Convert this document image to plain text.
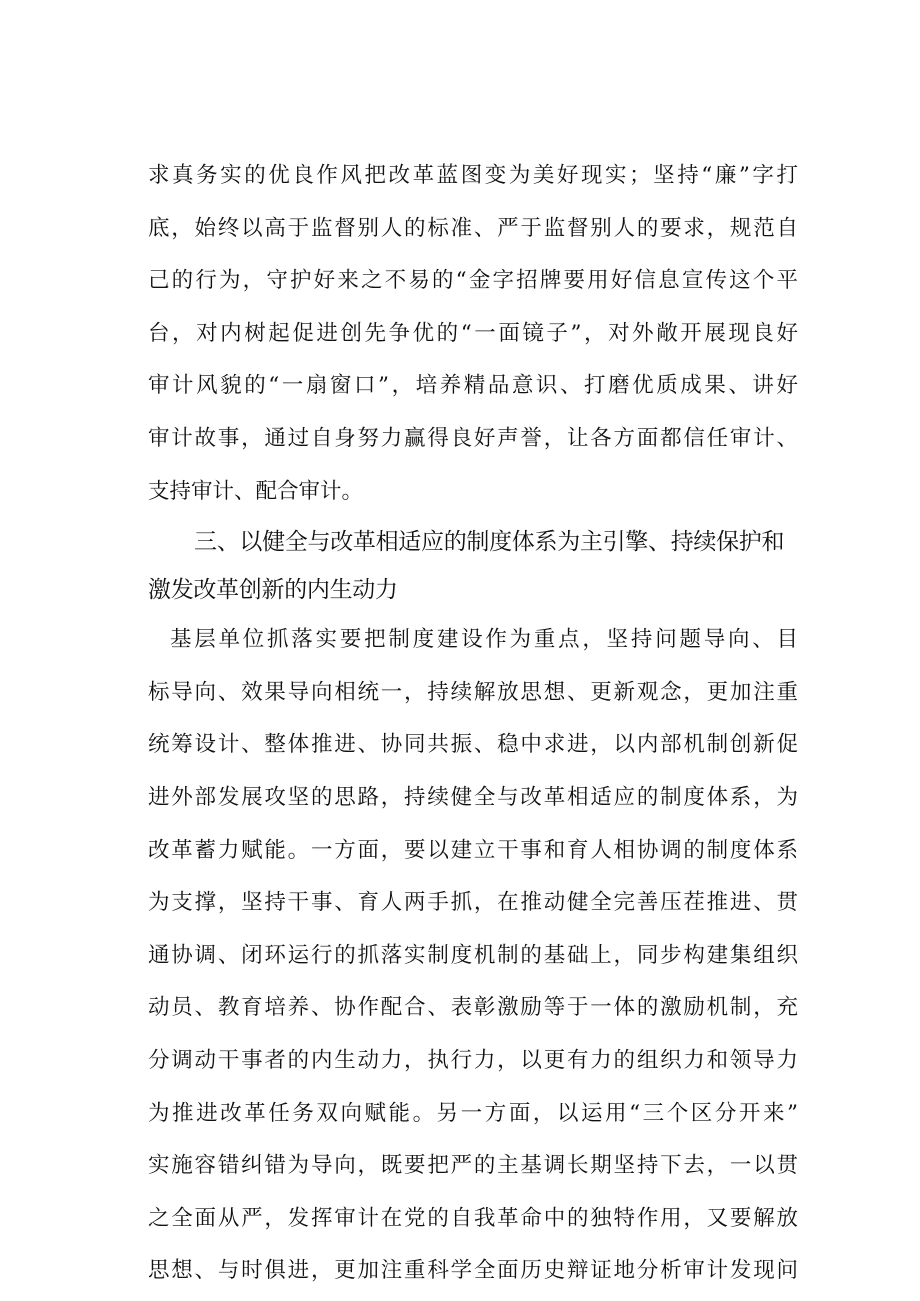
求真务实的优良作风把改革蓝图变为美好现实；坚持“廉”字打
底，始终以高于监督别人的标准、严于监督别人的要求，规范自
己的行为，守护好来之不易的“金字招牌要用好信息宣传这个平
台，对内树起促进创先争优的“一面镜子”，对外敞开展现良好
审计风貌的“一扇窗口”，培养精品意识、打磨优质成果、讲好
审计故事，通过自身努力赢得良好声誉，让各方面都信任审计、
支持审计、配合审计。
三、以健全与改革相适应的制度体系为主引擎、持续保护和
激发改革创新的内生动力
基层单位抓落实要把制度建设作为重点，坚持问题导向、目
标导向、效果导向相统一，持续解放思想、更新观念，更加注重
统筹设计、整体推进、协同共振、稳中求进，以内部机制创新促
进外部发展攻坚的思路，持续健全与改革相适应的制度体系，为
改革蓄力赋能。一方面，要以建立干事和育人相协调的制度体系
为支撑，坚持干事、育人两手抓，在推动健全完善压茬推进、贯
通协调、闭环运行的抓落实制度机制的基础上，同步构建集组织
动员、教育培养、协作配合、表彰激励等于一体的激励机制，充
分调动干事者的内生动力，执行力，以更有力的组织力和领导力
为推进改革任务双向赋能。另一方面，以运用“三个区分开来”
实施容错纠错为导向，既要把严的主基调长期坚持下去，一以贯
之全面从严，发挥审计在党的自我革命中的独特作用，又要解放
思想、与时俱进，更加注重科学全面历史辩证地分析审计发现问
